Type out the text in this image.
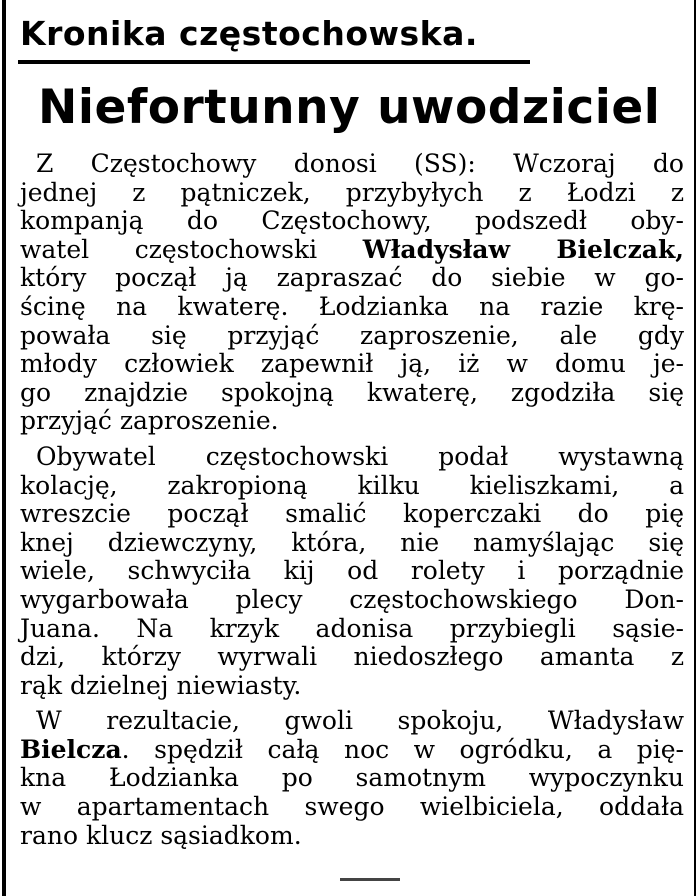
Kronika częstochowska.
Niefortunny uwodziciel

Z Częstochowy donosi (SS): Wczoraj do
jednej z pątniczek, przybyłych z Łodzi z
kompanją do Częstochowy, podszedł oby-
watel częstochowski Władysław Bielczak,
który począł ją zapraszać do siebie w go-
ścinę na kwaterę. Łodzianka na razie krę-
powała się przyjąć zaproszenie, ale gdy
młody człowiek zapewnił ją, iż w domu je-
go znajdzie spokojną kwaterę, zgodziła się
przyjąć zaproszenie.

Obywatel częstochowski podał wystawną
kolację, zakropioną kilku kieliszkami, a
wreszcie począł smalić koperczaki do pię
knej dziewczyny, która, nie namyślając się
wiele, schwyciła kij od rolety i porządnie
wygarbowała plecy częstochowskiego Don-
Juana. Na krzyk adonisa przybiegli sąsie-
dzi, którzy wyrwali niedoszłego amanta z
rąk dzielnej niewiasty.

W rezultacie, gwoli spokoju, Władysław
Bielcza. spędził całą noc w ogródku, a pię-
kna Łodzianka po samotnym wypoczynku
w apartamentach swego wielbiciela, oddała
rano klucz sąsiadkom.
